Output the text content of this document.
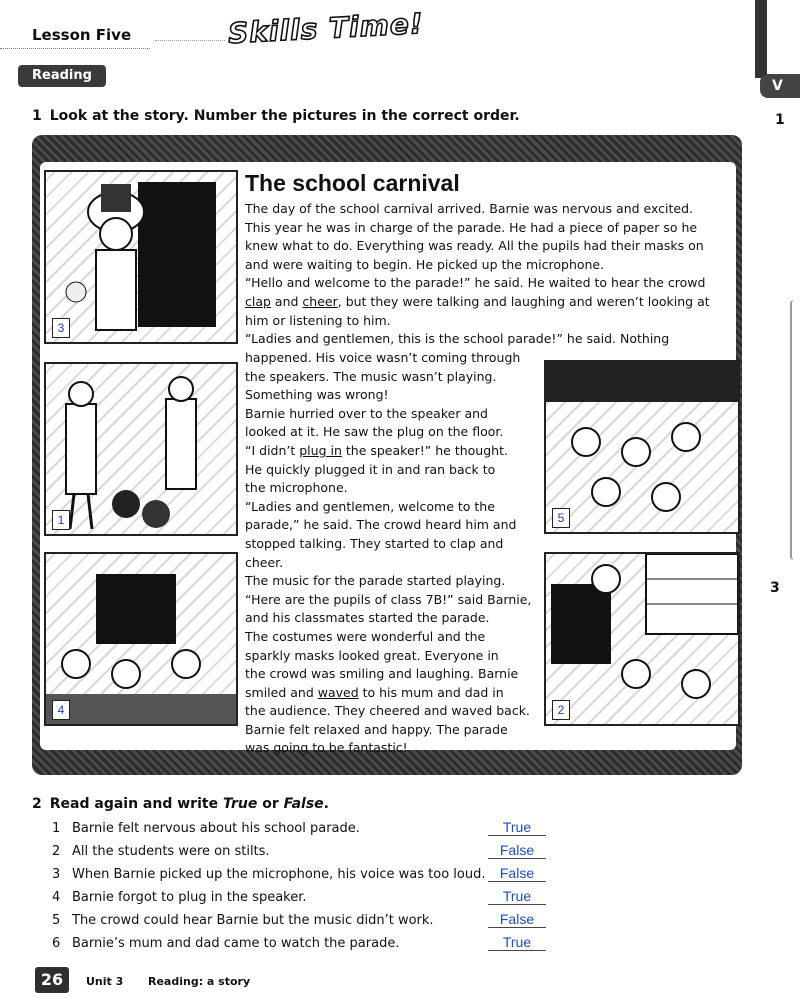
Lesson Five	Skills Time!
Reading
V
1
3
1 Look at the story. Number the pictures in the correct order.
3
1	5
4	2
The school carnival
The day of the school carnival arrived. Barnie was nervous and excited.
This year he was in charge of the parade. He had a piece of paper so he
knew what to do. Everything was ready. All the pupils had their masks on
and were waiting to begin. He picked up the microphone.
“Hello and welcome to the parade!” he said. He waited to hear the crowd
clap and cheer, but they were talking and laughing and weren’t looking at
him or listening to him.
“Ladies and gentlemen, this is the school parade!” he said. Nothing
happened. His voice wasn’t coming through
the speakers. The music wasn’t playing.
Something was wrong!
Barnie hurried over to the speaker and
looked at it. He saw the plug on the floor.
“I didn’t plug in the speaker!” he thought.
He quickly plugged it in and ran back to
the microphone.
“Ladies and gentlemen, welcome to the
parade,” he said. The crowd heard him and
stopped talking. They started to clap and cheer.
The music for the parade started playing.
“Here are the pupils of class 7B!” said Barnie,
and his classmates started the parade.
The costumes were wonderful and the
sparkly masks looked great. Everyone in
the crowd was smiling and laughing. Barnie
smiled and waved to his mum and dad in
the audience. They cheered and waved back.
Barnie felt relaxed and happy. The parade
was going to be fantastic!
2 Read again and write True or False.
1 Barnie felt nervous about his school parade.	True
2 All the students were on stilts.	False
3 When Barnie picked up the microphone, his voice was too loud.	False
4 Barnie forgot to plug in the speaker.	True
5 The crowd could hear Barnie but the music didn’t work.	False
6 Barnie’s mum and dad came to watch the parade.	True
26	Unit 3 Reading: a story
